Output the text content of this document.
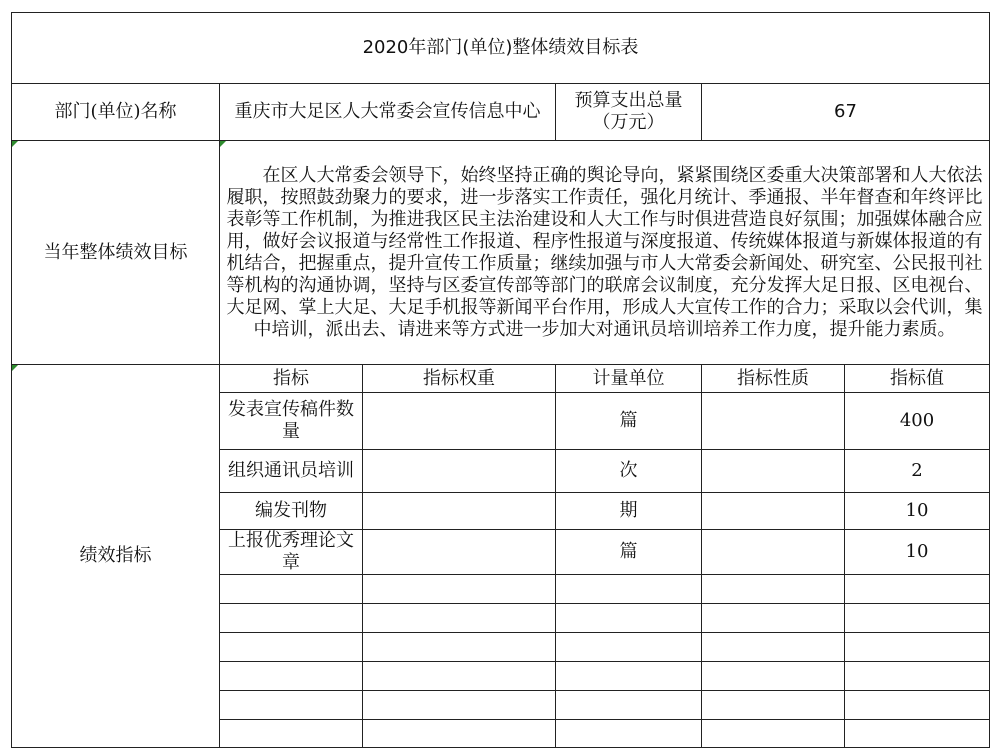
2020年部门(单位)整体绩效目标表					
部门(单位)名称	重庆市大足区人大常委会宣传信息中心		预算支出总量（万元）	67	

当年整体绩效目标	在区人大常委会领导下，始终坚持正确的舆论导向，紧紧围绕区委重大决策部署和人大依法履职，按照鼓劲聚力的要求，进一步落实工作责任，强化月统计、季通报、半年督查和年终评比表彰等工作机制，为推进我区民主法治建设和人大工作与时俱进营造良好氛围；加强媒体融合应用，做好会议报道与经常性工作报道、程序性报道与深度报道、传统媒体报道与新媒体报道的有机结合，把握重点，提升宣传工作质量；继续加强与市人大常委会新闻处、研究室、公民报刊社等机构的沟通协调，坚持与区委宣传部等部门的联席会议制度，充分发挥大足日报、区电视台、大足网、掌上大足、大足手机报等新闻平台作用，形成人大宣传工作的合力；采取以会代训，集中培训，派出去、请进来等方式进一步加大对通讯员培训培养工作力度，提升能力素质。				

绩效指标	指标	指标权重	计量单位	指标性质	指标值
	发表宣传稿件数量		篇		400
	组织通讯员培训		次		2
	编发刊物		期		10
	上报优秀理论文章		篇		10
